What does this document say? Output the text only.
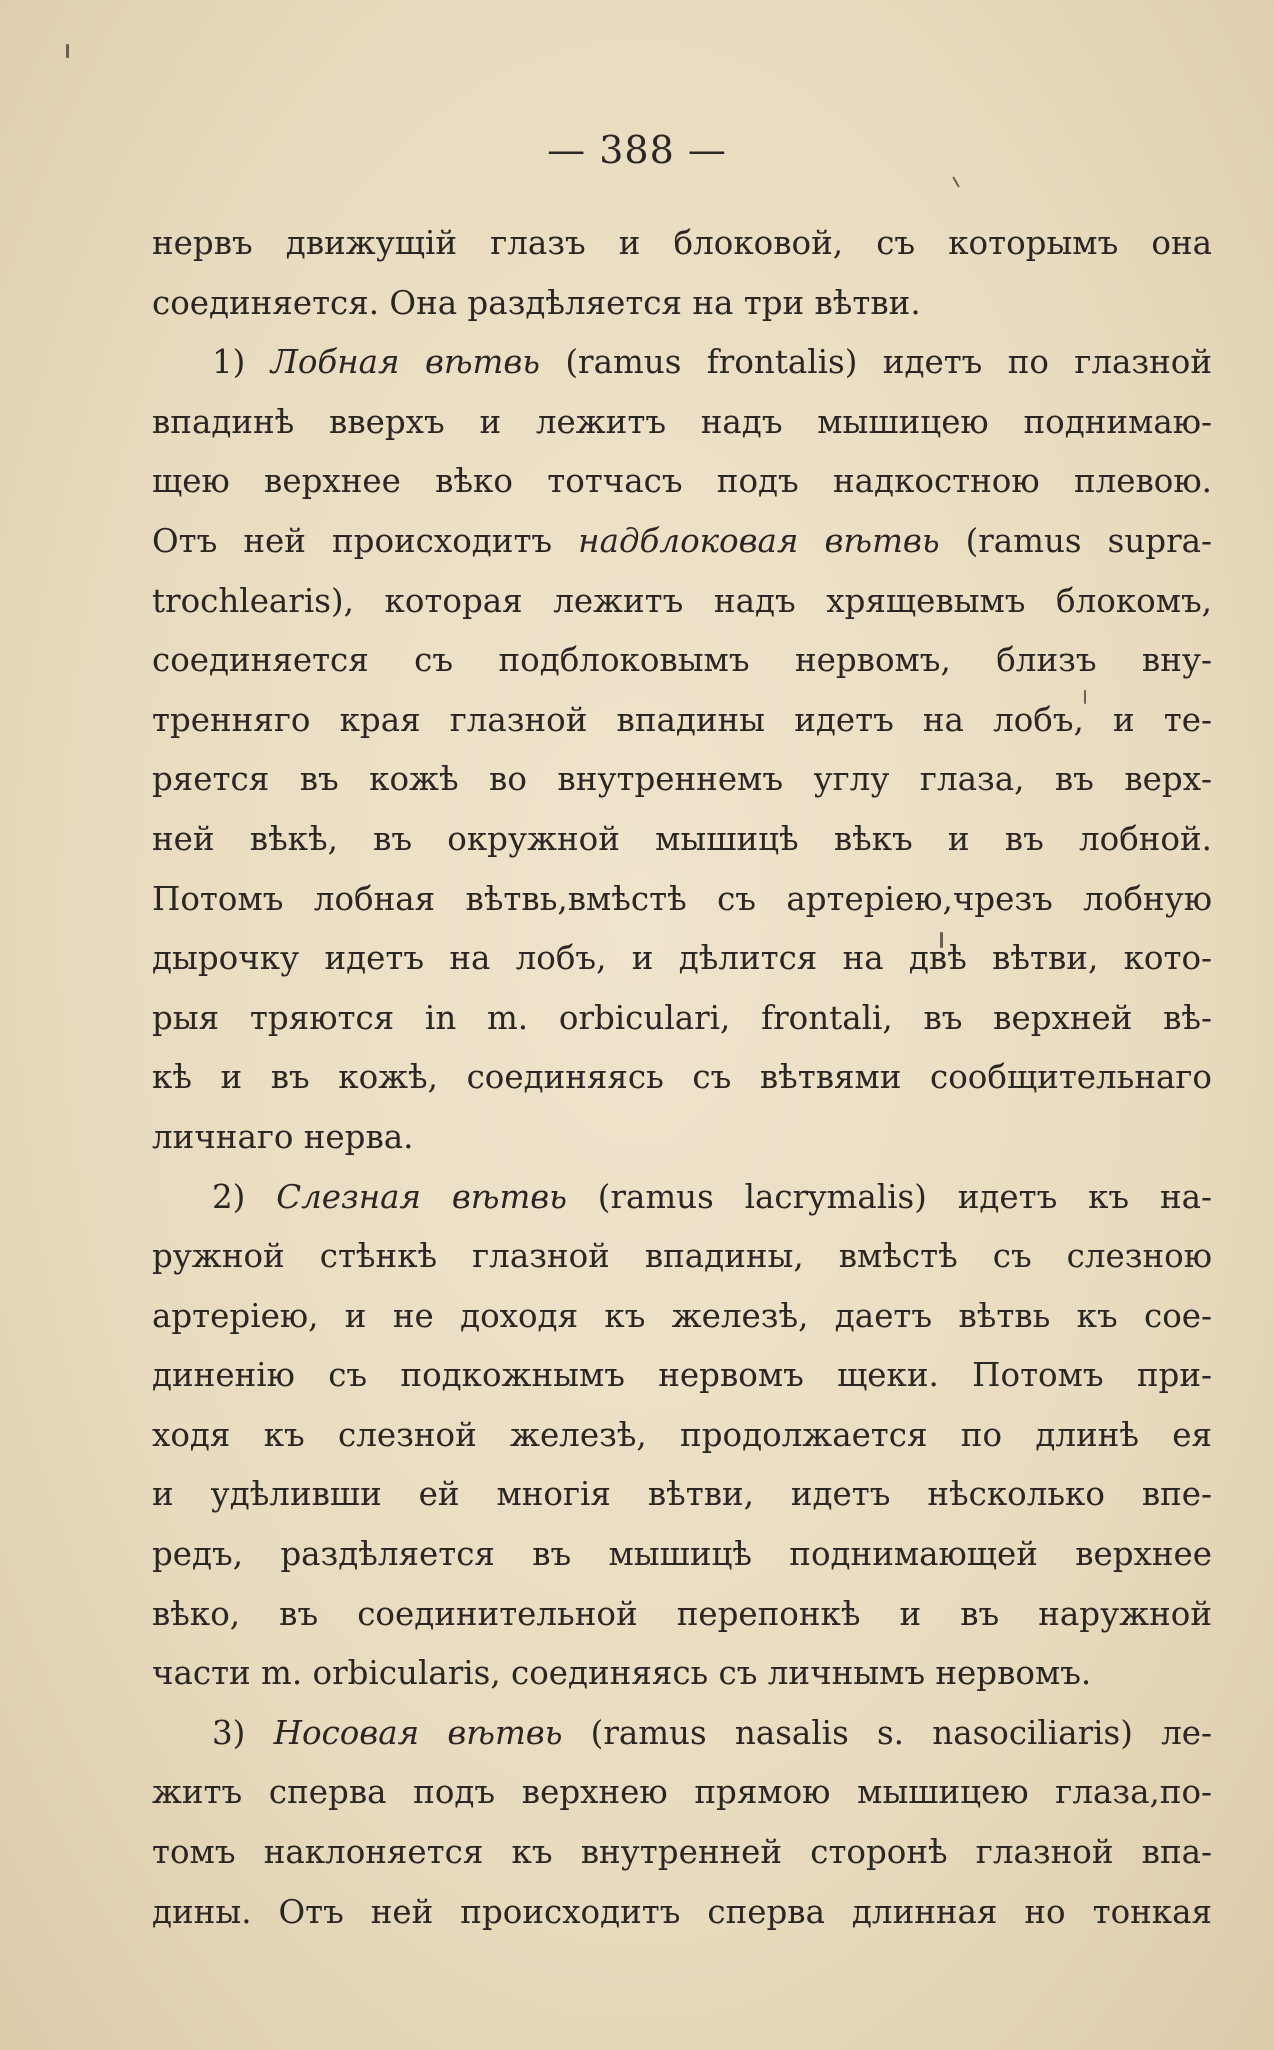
— 388 —
нервъ движущій глазъ и блоковой, съ которымъ она
соединяется. Она раздѣляется на три вѣтви.
1) Лобная вѣтвь (ramus frontalis) идетъ по глазной
впадинѣ вверхъ и лежитъ надъ мышицею поднимаю-
щею верхнее вѣко тотчасъ подъ надкостною плевою.
Отъ ней происходитъ надблоковая вѣтвь (ramus supra-
trochlearis), которая лежитъ надъ хрящевымъ блокомъ,
соединяется съ подблоковымъ нервомъ, близъ вну-
тренняго края глазной впадины идетъ на лобъ, и те-
ряется въ кожѣ во внутреннемъ углу глаза, въ верх-
ней вѣкѣ, въ окружной мышицѣ вѣкъ и въ лобной.
Потомъ лобная вѣтвь,вмѣстѣ съ артеріею,чрезъ лобную
дырочку идетъ на лобъ, и дѣлится на двѣ вѣтви, кото-
рыя тряются in m. orbiculari, frontali, въ верхней вѣ-
кѣ и въ кожѣ, соединяясь съ вѣтвями сообщительнаго
личнаго нерва.
2) Слезная вѣтвь (ramus lacrymalis) идетъ къ на-
ружной стѣнкѣ глазной впадины, вмѣстѣ съ слезною
артеріею, и не доходя къ железѣ, даетъ вѣтвь къ сое-
диненію съ подкожнымъ нервомъ щеки. Потомъ при-
ходя къ слезной железѣ, продолжается по длинѣ ея
и удѣливши ей многія вѣтви, идетъ нѣсколько впе-
редъ, раздѣляется въ мышицѣ поднимающей верхнее
вѣко, въ соединительной перепонкѣ и въ наружной
части m. orbicularis, соединяясь съ личнымъ нервомъ.
3) Носовая вѣтвь (ramus nasalis s. nasociliaris) ле-
житъ сперва подъ верхнею прямою мышицею глаза,по-
томъ наклоняется къ внутренней сторонѣ глазной впа-
дины. Отъ ней происходитъ сперва длинная но тонкая
